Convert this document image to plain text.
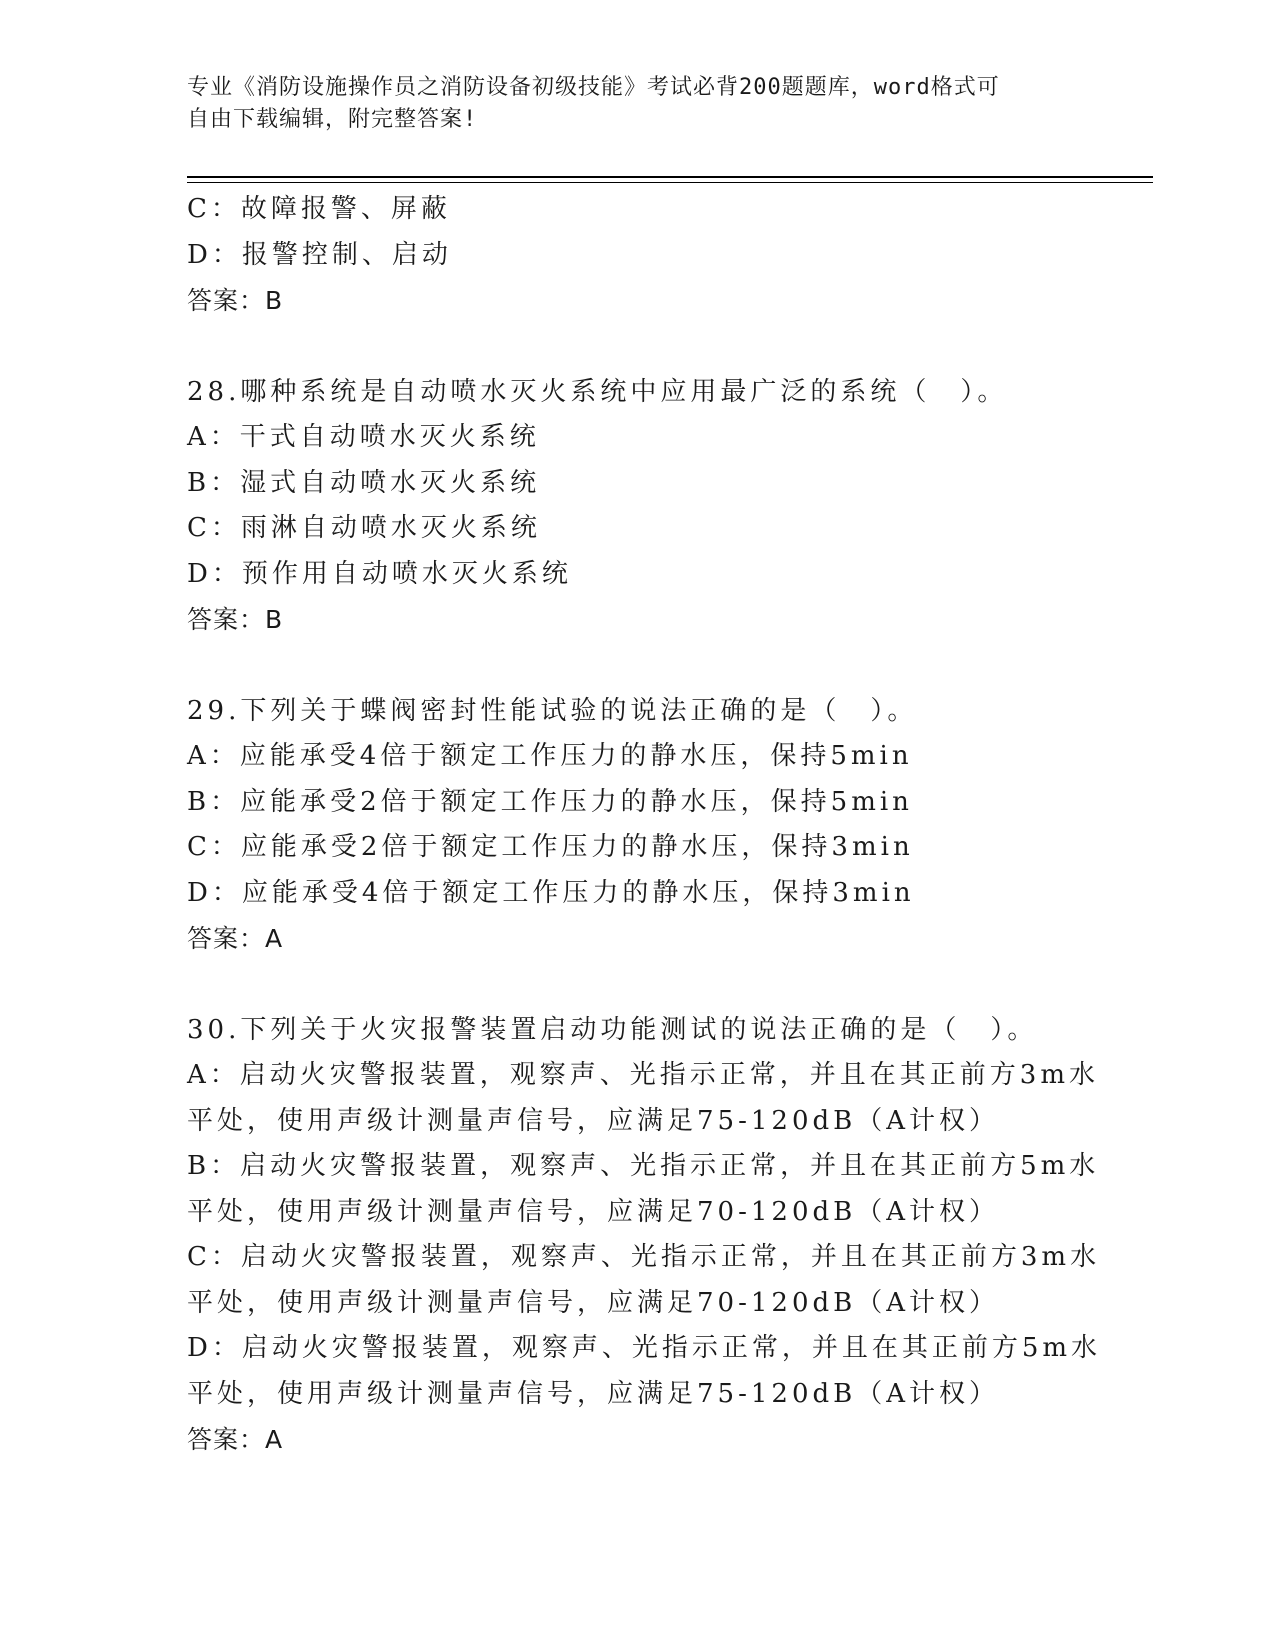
专业《消防设施操作员之消防设备初级技能》考试必背200题题库，word格式可
自由下载编辑，附完整答案!
C：故障报警、屏蔽
D：报警控制、启动
答案：B
28.哪种系统是自动喷水灭火系统中应用最广泛的系统（　）。
A：干式自动喷水灭火系统
B：湿式自动喷水灭火系统
C：雨淋自动喷水灭火系统
D：预作用自动喷水灭火系统
答案：B
29.下列关于蝶阀密封性能试验的说法正确的是（　）。
A：应能承受4倍于额定工作压力的静水压，保持5min
B：应能承受2倍于额定工作压力的静水压，保持5min
C：应能承受2倍于额定工作压力的静水压，保持3min
D：应能承受4倍于额定工作压力的静水压，保持3min
答案：A
30.下列关于火灾报警装置启动功能测试的说法正确的是（　）。
A：启动火灾警报装置，观察声、光指示正常，并且在其正前方3m水
平处，使用声级计测量声信号，应满足75-120dB（A计权）
B：启动火灾警报装置，观察声、光指示正常，并且在其正前方5m水
平处，使用声级计测量声信号，应满足70-120dB（A计权）
C：启动火灾警报装置，观察声、光指示正常，并且在其正前方3m水
平处，使用声级计测量声信号，应满足70-120dB（A计权）
D：启动火灾警报装置，观察声、光指示正常，并且在其正前方5m水
平处，使用声级计测量声信号，应满足75-120dB（A计权）
答案：A
